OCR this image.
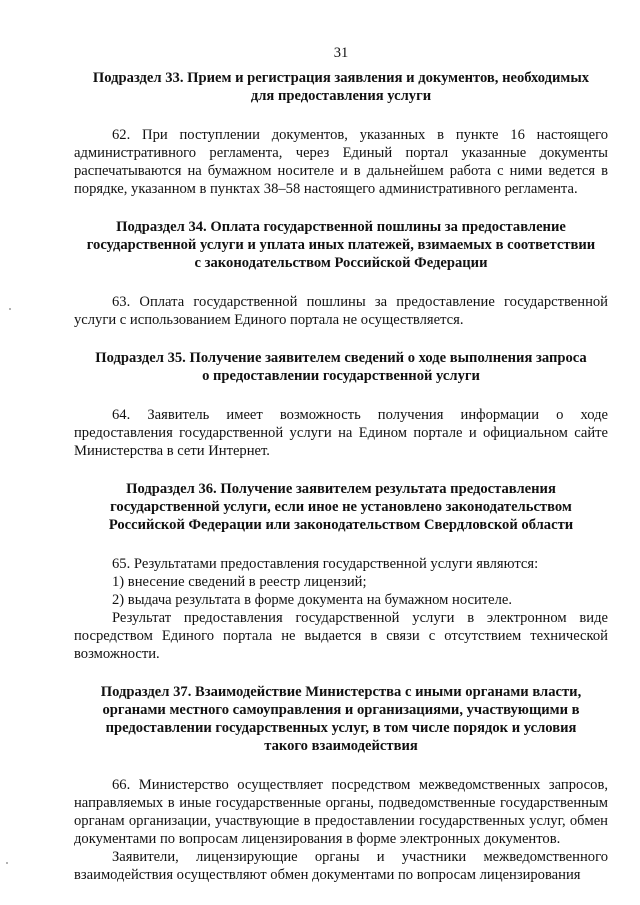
31
Подраздел 33. Прием и регистрация заявления и документов, необходимых
для предоставления услуги

62. При поступлении документов, указанных в пункте 16 настоящего административного регламента, через Единый портал указанные документы распечатываются на бумажном носителе и в дальнейшем работа с ними ведется в порядке, указанном в пунктах 38–58 настоящего административного регламента.

Подраздел 34. Оплата государственной пошлины за предоставление
государственной услуги и уплата иных платежей, взимаемых в соответствии
с законодательством Российской Федерации

63. Оплата государственной пошлины за предоставление государственной услуги с использованием Единого портала не осуществляется.

Подраздел 35. Получение заявителем сведений о ходе выполнения запроса
о предоставлении государственной услуги

64. Заявитель имеет возможность получения информации о ходе предоставления государственной услуги на Едином портале и официальном сайте Министерства в сети Интернет.

Подраздел 36. Получение заявителем результата предоставления
государственной услуги, если иное не установлено законодательством
Российской Федерации или законодательством Свердловской области

65. Результатами предоставления государственной услуги являются:

1) внесение сведений в реестр лицензий;

2) выдача результата в форме документа на бумажном носителе.

Результат предоставления государственной услуги в электронном виде посредством Единого портала не выдается в связи с отсутствием технической возможности.

Подраздел 37. Взаимодействие Министерства с иными органами власти,
органами местного самоуправления и организациями, участвующими в
предоставлении государственных услуг, в том числе порядок и условия
такого взаимодействия

66. Министерство осуществляет посредством межведомственных запросов, направляемых в иные государственные органы, подведомственные государственным органам организации, участвующие в предоставлении государственных услуг, обмен документами по вопросам лицензирования в форме электронных документов.

Заявители, лицензирующие органы и участники межведомственного взаимодействия осуществляют обмен документами по вопросам лицензирования
